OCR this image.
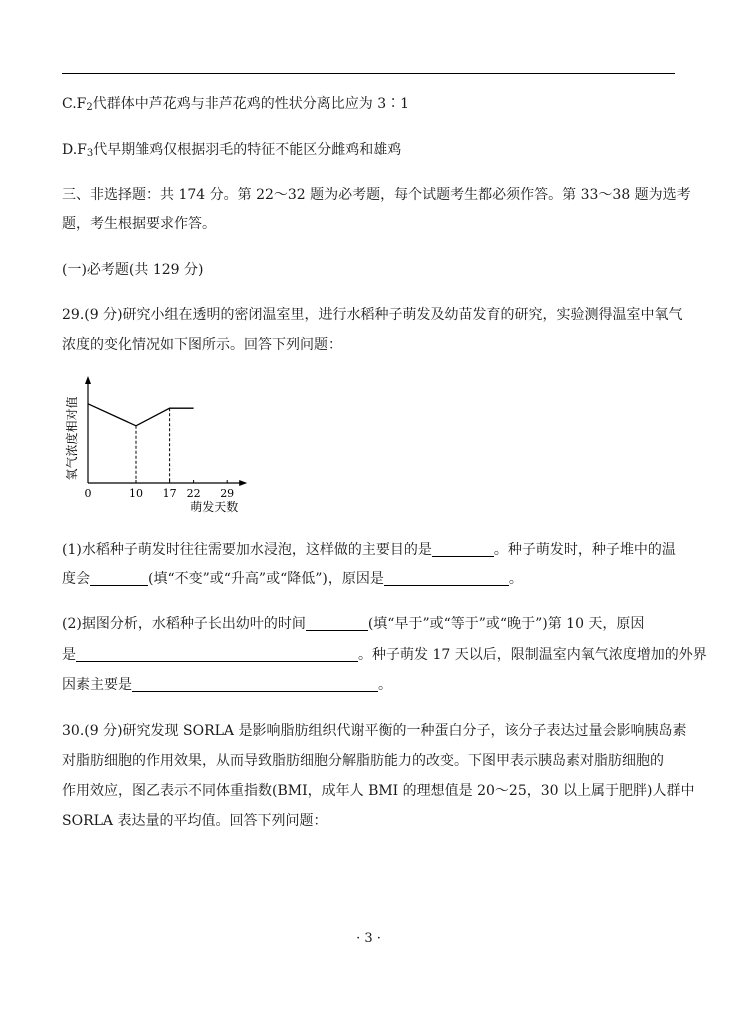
$C.F_2$代群体中芦花鸡与非芦花鸡的性状分离比应为 3∶1
$D.F_3$代早期雏鸡仅根据羽毛的特征不能区分雌鸡和雄鸡
三、非选择题：共 174 分。第 22～32 题为必考题，每个试题考生都必须作答。第 33～38 题为选考
题，考生根据要求作答。
(一)必考题(共 129 分)
29.(9 分)研究小组在透明的密闭温室里，进行水稻种子萌发及幼苗发育的研究，实验测得温室中氧气
浓度的变化情况如下图所示。回答下列问题：
0	10 17 22 29
萌发天数
氧气浓度相对值
(1)水稻种子萌发时往往需要加水浸泡，这样做的主要目的是	。种子萌发时，种子堆中的温
度会	(填“不变”或“升高”或“降低”)，原因是	。
(2)据图分析，水稻种子长出幼叶的时间	(填“早于”或“等于”或“晚于”)第 10 天，原因
是	。种子萌发 17 天以后，限制温室内氧气浓度增加的外界
因素主要是	。
30.(9 分)研究发现 SORLA 是影响脂肪组织代谢平衡的一种蛋白分子，该分子表达过量会影响胰岛素
对脂肪细胞的作用效果，从而导致脂肪细胞分解脂肪能力的改变。下图甲表示胰岛素对脂肪细胞的
作用效应，图乙表示不同体重指数(BMI，成年人 BMI 的理想值是 20～25，30 以上属于肥胖)人群中
SORLA 表达量的平均值。回答下列问题：
· 3 ·
